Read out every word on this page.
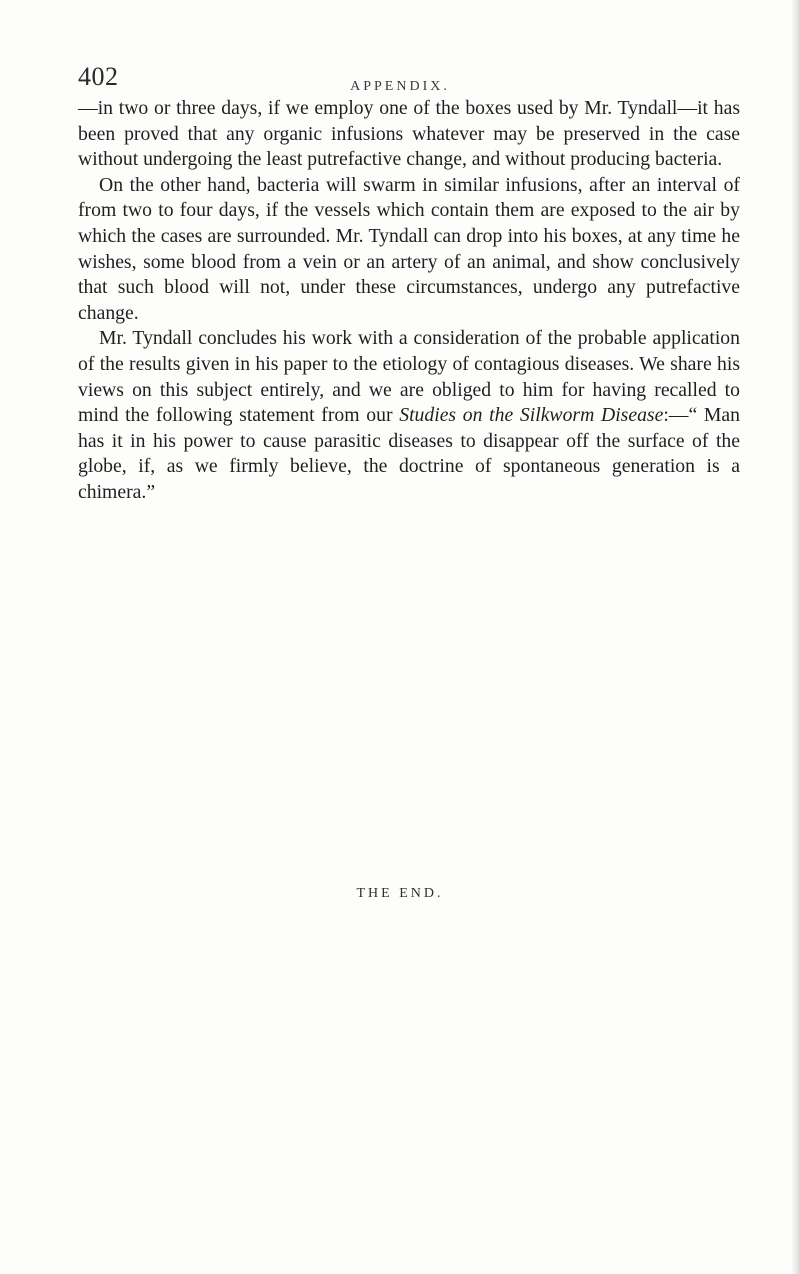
402	APPENDIX.

—in two or three days, if we employ one of the boxes used by Mr. Tyndall—it has been proved that any organic infusions whatever may be preserved in the case without undergoing the least putrefactive change, and without producing bacteria.

On the other hand, bacteria will swarm in similar infusions, after an interval of from two to four days, if the vessels which contain them are exposed to the air by which the cases are surrounded. Mr. Tyndall can drop into his boxes, at any time he wishes, some blood from a vein or an artery of an animal, and show conclusively that such blood will not, under these circumstances, undergo any putrefactive change.

Mr. Tyndall concludes his work with a consideration of the probable application of the results given in his paper to the etiology of contagious diseases. We share his views on this subject entirely, and we are obliged to him for having recalled to mind the following statement from our Studies on the Silkworm Disease:—“ Man has it in his power to cause parasitic diseases to disappear off the surface of the globe, if, as we firmly believe, the doctrine of spontaneous generation is a chimera.”

THE END.
